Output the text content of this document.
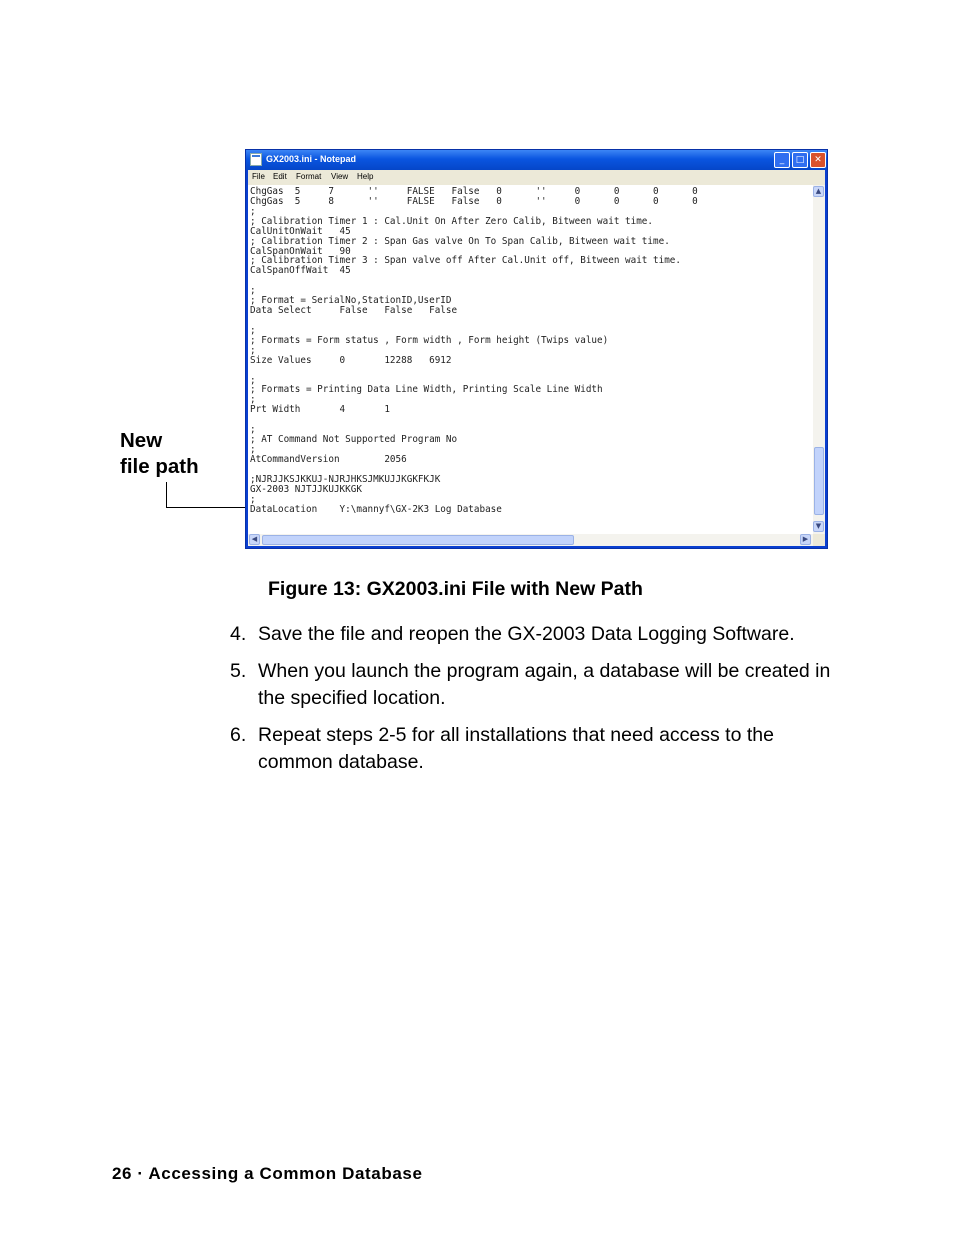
GX2003.ini - Notepad	_	□	✕
File Edit Format View Help
ChgGas  5     7      ''     FALSE   False   0      ''     0      0      0      0
ChgGas  5     8      ''     FALSE   False   0      ''     0      0      0      0
;
; Calibration Timer 1 : Cal.Unit On After Zero Calib, Bitween wait time.
CalUnitOnWait   45
; Calibration Timer 2 : Span Gas valve On To Span Calib, Bitween wait time.
CalSpanOnWait   90
; Calibration Timer 3 : Span valve off After Cal.Unit off, Bitween wait time.
CalSpanOffWait  45

;
; Format = SerialNo,StationID,UserID
Data Select     False   False   False

;
; Formats = Form status , Form width , Form height (Twips value)
;
Size Values     0       12288   6912

;
; Formats = Printing Data Line Width, Printing Scale Line Width
;
Prt Width       4       1

;
; AT Command Not Supported Program No
;
AtCommandVersion        2056

;NJRJJKSJKKUJ-NJRJHKSJMKUJJKGKFKJK
GX-2003 NJTJJKUJKKGK
;
DataLocation    Y:\mannyf\GX-2K3 Log Database
▲
▼
◀	▶
New
file path
Figure 13: GX2003.ini File with New Path
4. Save the file and reopen the GX-2003 Data Logging Software.
5. When you launch the program again, a database will be created in the specified location.
6. Repeat steps 2-5 for all installations that need access to the common database.
26 · Accessing a Common Database
